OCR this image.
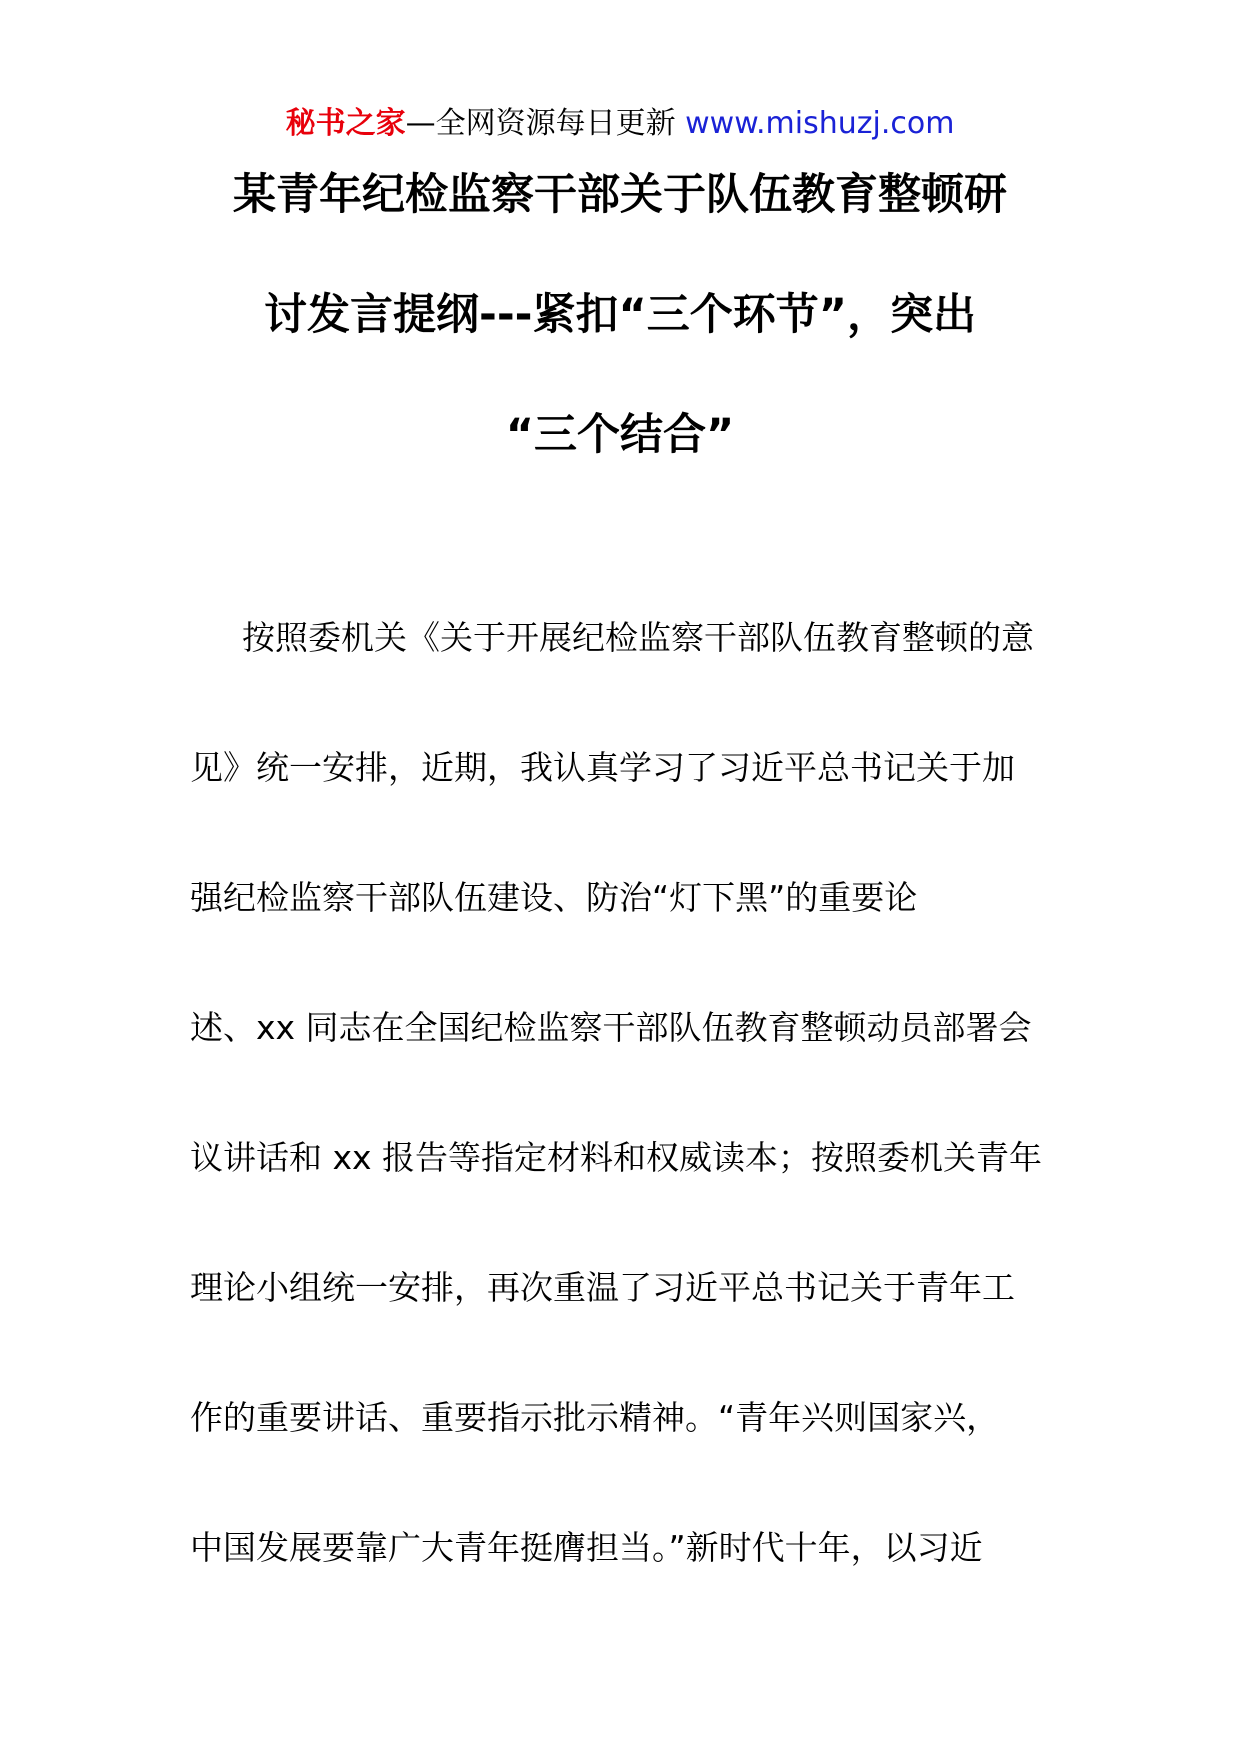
秘书之家—全网资源每日更新 www.mishuzj.com
某青年纪检监察干部关于队伍教育整顿研
讨发言提纲---紧扣“三个环节”，突出
“三个结合”
按照委机关《关于开展纪检监察干部队伍教育整顿的意
见》统一安排，近期，我认真学习了习近平总书记关于加
强纪检监察干部队伍建设、防治“灯下黑”的重要论
述、xx 同志在全国纪检监察干部队伍教育整顿动员部署会
议讲话和 xx 报告等指定材料和权威读本；按照委机关青年
理论小组统一安排，再次重温了习近平总书记关于青年工
作的重要讲话、重要指示批示精神。“青年兴则国家兴，
中国发展要靠广大青年挺膺担当。”新时代十年，以习近
